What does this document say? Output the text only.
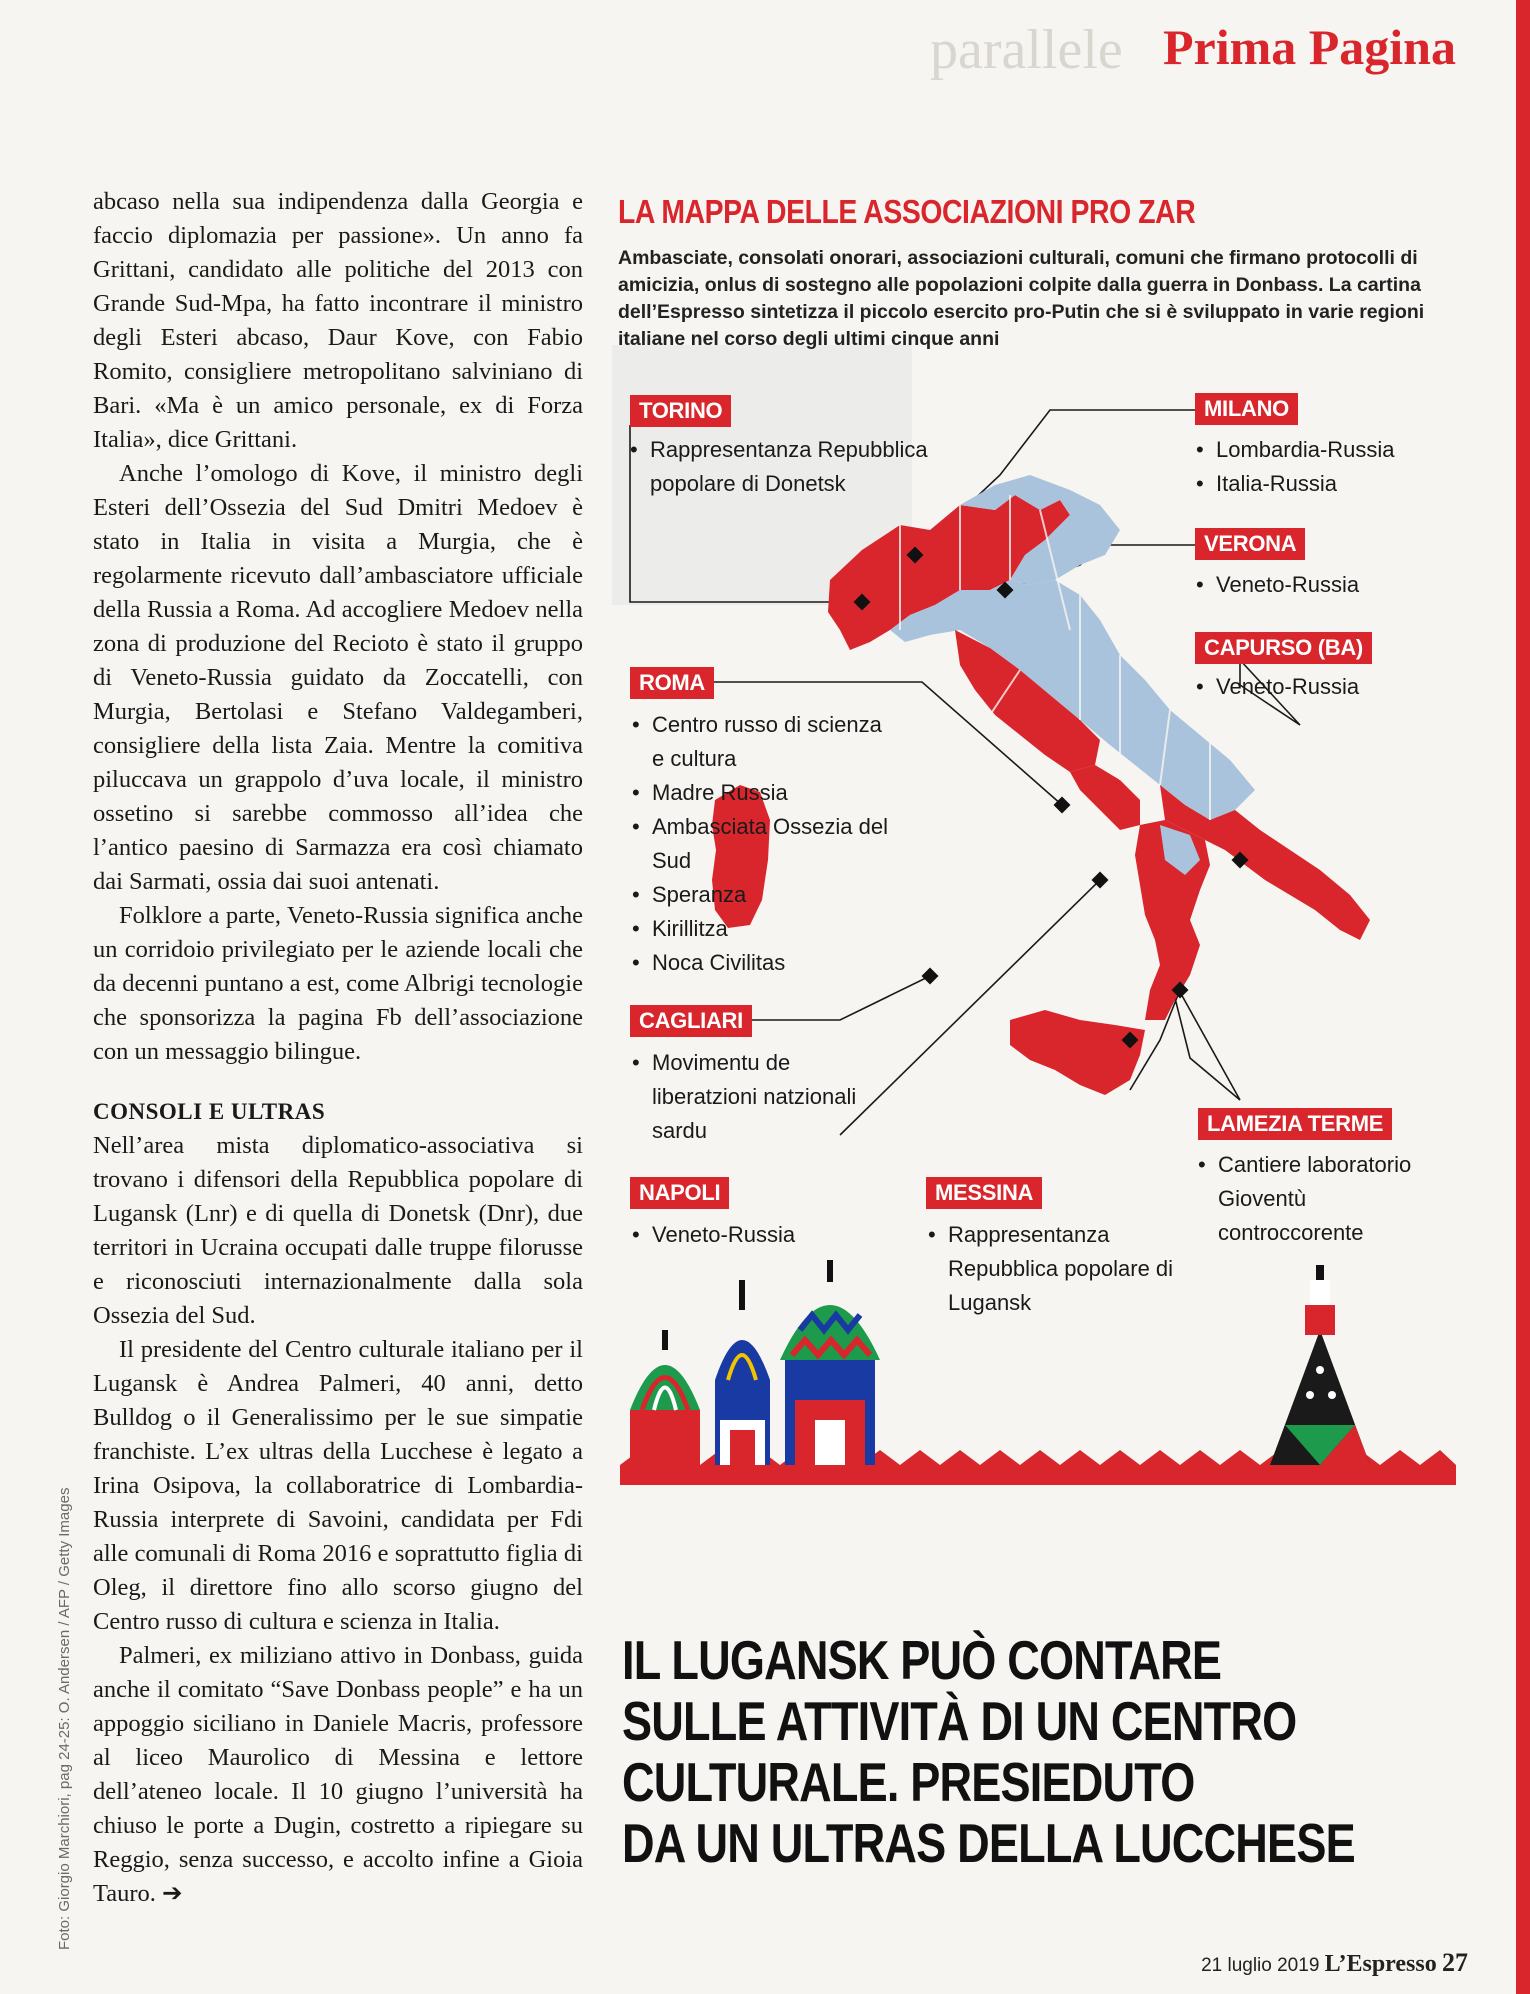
parallele Prima Pagina
Foto: Giorgio Marchiori, pag 24-25: O. Andersen / AFP / Getty Images

abcaso nella sua indipendenza dalla Georgia e faccio diplomazia per passione». Un anno fa Grittani, candidato alle politiche del 2013 con Grande Sud-Mpa, ha fatto incontrare il ministro degli Esteri abcaso, Daur Kove, con Fabio Romito, consigliere metropolitano salviniano di Bari. «Ma è un amico personale, ex di Forza Italia», dice Grittani.

Anche l’omologo di Kove, il ministro degli Esteri dell’Ossezia del Sud Dmitri Medoev è stato in Italia in visita a Murgia, che è regolarmente ricevuto dall’ambasciatore ufficiale della Russia a Roma. Ad accogliere Medoev nella zona di produzione del Recioto è stato il gruppo di Veneto-Russia guidato da Zoccatelli, con Murgia, Bertolasi e Stefano Valdegamberi, consigliere della lista Zaia. Mentre la comitiva piluccava un grappolo d’uva locale, il ministro ossetino si sarebbe commosso all’idea che l’antico paesino di Sarmazza era così chiamato dai Sarmati, ossia dai suoi antenati.

Folklore a parte, Veneto-Russia significa anche un corridoio privilegiato per le aziende locali che da decenni puntano a est, come Albrigi tecnologie che sponsorizza la pagina Fb dell’associazione con un messaggio bilingue.

CONSOLI E ULTRAS

Nell’area mista diplomatico-associativa si trovano i difensori della Repubblica popolare di Lugansk (Lnr) e di quella di Donetsk (Dnr), due territori in Ucraina occupati dalle truppe filorusse e riconosciuti internazionalmente dalla sola Ossezia del Sud.

Il presidente del Centro culturale italiano per il Lugansk è Andrea Palmeri, 40 anni, detto Bulldog o il Generalissimo per le sue simpatie franchiste. L’ex ultras della Lucchese è legato a Irina Osipova, la collaboratrice di Lombardia-Russia interprete di Savoini, candidata per Fdi alle comunali di Roma 2016 e soprattutto figlia di Oleg, il direttore fino allo scorso giugno del Centro russo di cultura e scienza in Italia.

Palmeri, ex miliziano attivo in Donbass, guida anche il comitato “Save Donbass people” e ha un appoggio siciliano in Daniele Macris, professore al liceo Maurolico di Messina e lettore dell’ateneo locale. Il 10 giugno l’università ha chiuso le porte a Dugin, costretto a ripiegare su Reggio, senza successo, e accolto infine a Gioia Tauro. ➔

LA MAPPA DELLE ASSOCIAZIONI PRO ZAR
Ambasciate, consolati onorari, associazioni culturali, comuni che firmano protocolli di amicizia, onlus di sostegno alle popolazioni colpite dalla guerra in Donbass. La cartina dell’Espresso sintetizza il piccolo esercito pro-Putin che si è sviluppato in varie regioni italiane nel corso degli ultimi cinque anni
TORINO
• Rappresentanza Repubblica popolare di Donetsk
MILANO
• Lombardia-Russia
• Italia-Russia
VERONA
• Veneto-Russia
CAPURSO (BA)
• Veneto-Russia
ROMA
• Centro russo di scienza e cultura
• Madre Russia
• Ambasciata Ossezia del Sud
• Speranza
• Kirillitza
• Noca Civilitas
CAGLIARI
• Movimentu de liberatzioni natzionali sardu
NAPOLI
• Veneto-Russia
MESSINA
• Rappresentanza Repubblica popolare di Lugansk
LAMEZIA TERME
• Cantiere laboratorio Gioventù controccorente
IL LUGANSK PUÒ CONTARE
SULLE ATTIVITÀ DI UN CENTRO
CULTURALE. PRESIEDUTO
DA UN ULTRAS DELLA LUCCHESE
21 luglio 2019 L’Espresso 27
